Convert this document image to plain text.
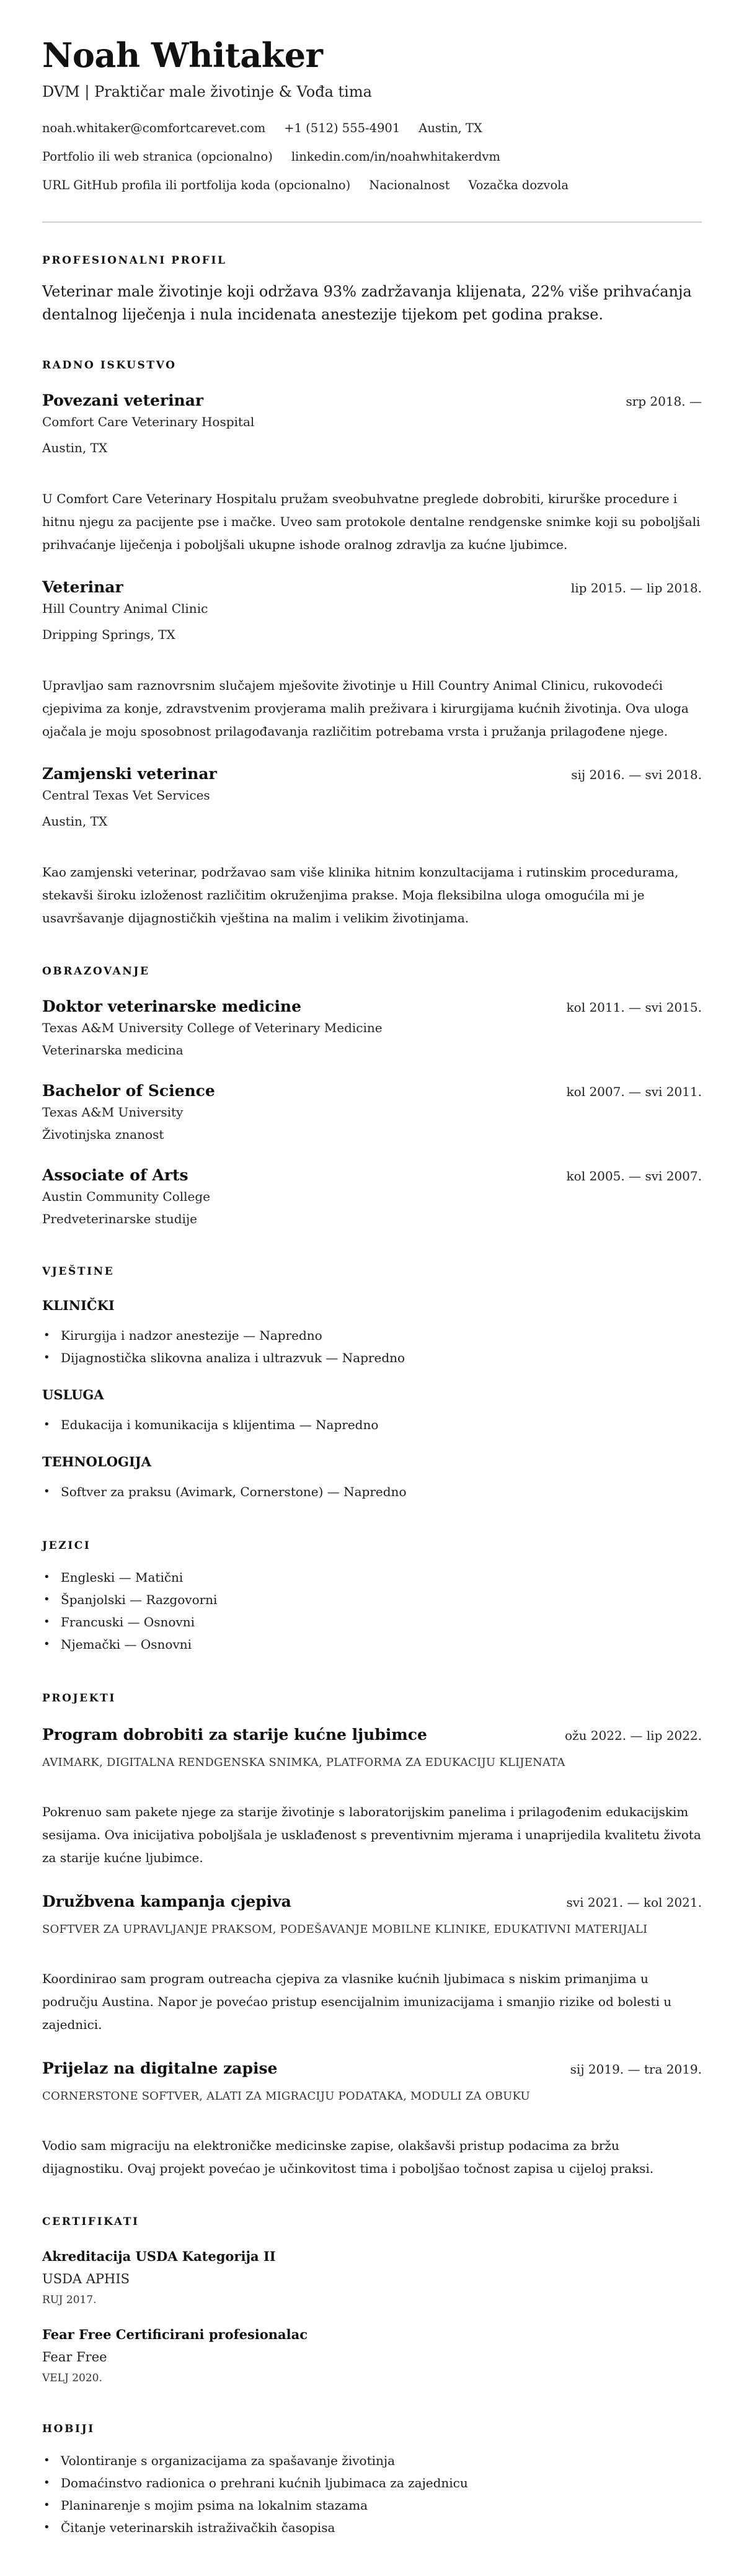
Noah Whitaker
DVM | Praktičar male životinje & Vođa tima
noah.whitaker@comfortcarevet.com +1 (512) 555-4901 Austin, TX
Portfolio ili web stranica (opcionalno) linkedin.com/in/noahwhitakerdvm
URL GitHub profila ili portfolija koda (opcionalno) Nacionalnost Vozačka dozvola
PROFESIONALNI PROFIL

Veterinar male životinje koji održava 93% zadržavanja klijenata, 22% više prihvaćanja dentalnog liječenja i nula incidenata anestezije tijekom pet godina prakse.

RADNO ISKUSTVO
Povezani veterinar	srp 2018. —
Comfort Care Veterinary Hospital
Austin, TX

U Comfort Care Veterinary Hospitalu pružam sveobuhvatne preglede dobrobiti, kirurške procedure i hitnu njegu za pacijente pse i mačke. Uveo sam protokole dentalne rendgenske snimke koji su poboljšali prihvaćanje liječenja i poboljšali ukupne ishode oralnog zdravlja za kućne ljubimce.

Veterinar	lip 2015. — lip 2018.
Hill Country Animal Clinic
Dripping Springs, TX

Upravljao sam raznovrsnim slučajem mješovite životinje u Hill Country Animal Clinicu, rukovodeći cjepivima za konje, zdravstvenim provjerama malih preživara i kirurgijama kućnih životinja. Ova uloga ojačala je moju sposobnost prilagođavanja različitim potrebama vrsta i pružanja prilagođene njege.

Zamjenski veterinar	sij 2016. — svi 2018.
Central Texas Vet Services
Austin, TX

Kao zamjenski veterinar, podržavao sam više klinika hitnim konzultacijama i rutinskim procedurama, stekavši široku izloženost različitim okruženjima prakse. Moja fleksibilna uloga omogućila mi je usavršavanje dijagnostičkih vještina na malim i velikim životinjama.

OBRAZOVANJE
Doktor veterinarske medicine	kol 2011. — svi 2015.
Texas A&M University College of Veterinary Medicine
Veterinarska medicina
Bachelor of Science	kol 2007. — svi 2011.
Texas A&M University
Životinjska znanost
Associate of Arts	kol 2005. — svi 2007.
Austin Community College
Predveterinarske studije
VJEŠTINE
KLINIČKI
• Kirurgija i nadzor anestezije — Napredno
• Dijagnostička slikovna analiza i ultrazvuk — Napredno
USLUGA
• Edukacija i komunikacija s klijentima — Napredno
TEHNOLOGIJA
• Softver za praksu (Avimark, Cornerstone) — Napredno
JEZICI
• Engleski — Matični
• Španjolski — Razgovorni
• Francuski — Osnovni
• Njemački — Osnovni
PROJEKTI
Program dobrobiti za starije kućne ljubimce	ožu 2022. — lip 2022.
AVIMARK, DIGITALNA RENDGENSKA SNIMKA, PLATFORMA ZA EDUKACIJU KLIJENATA

Pokrenuo sam pakete njege za starije životinje s laboratorijskim panelima i prilagođenim edukacijskim sesijama. Ova inicijativa poboljšala je usklađenost s preventivnim mjerama i unaprijedila kvalitetu života za starije kućne ljubimce.

Družbvena kampanja cjepiva	svi 2021. — kol 2021.
SOFTVER ZA UPRAVLJANJE PRAKSOM, PODEŠAVANJE MOBILNE KLINIKE, EDUKATIVNI MATERIJALI

Koordinirao sam program outreacha cjepiva za vlasnike kućnih ljubimaca s niskim primanjima u području Austina. Napor je povećao pristup esencijalnim imunizacijama i smanjio rizike od bolesti u zajednici.

Prijelaz na digitalne zapise	sij 2019. — tra 2019.
CORNERSTONE SOFTVER, ALATI ZA MIGRACIJU PODATAKA, MODULI ZA OBUKU

Vodio sam migraciju na elektroničke medicinske zapise, olakšavši pristup podacima za bržu dijagnostiku. Ovaj projekt povećao je učinkovitost tima i poboljšao točnost zapisa u cijeloj praksi.

CERTIFIKATI
Akreditacija USDA Kategorija II
USDA APHIS
RUJ 2017.
Fear Free Certificirani profesionalac
Fear Free
VELJ 2020.
HOBIJI
• Volontiranje s organizacijama za spašavanje životinja
• Domaćinstvo radionica o prehrani kućnih ljubimaca za zajednicu
• Planinarenje s mojim psima na lokalnim stazama
• Čitanje veterinarskih istraživačkih časopisa
